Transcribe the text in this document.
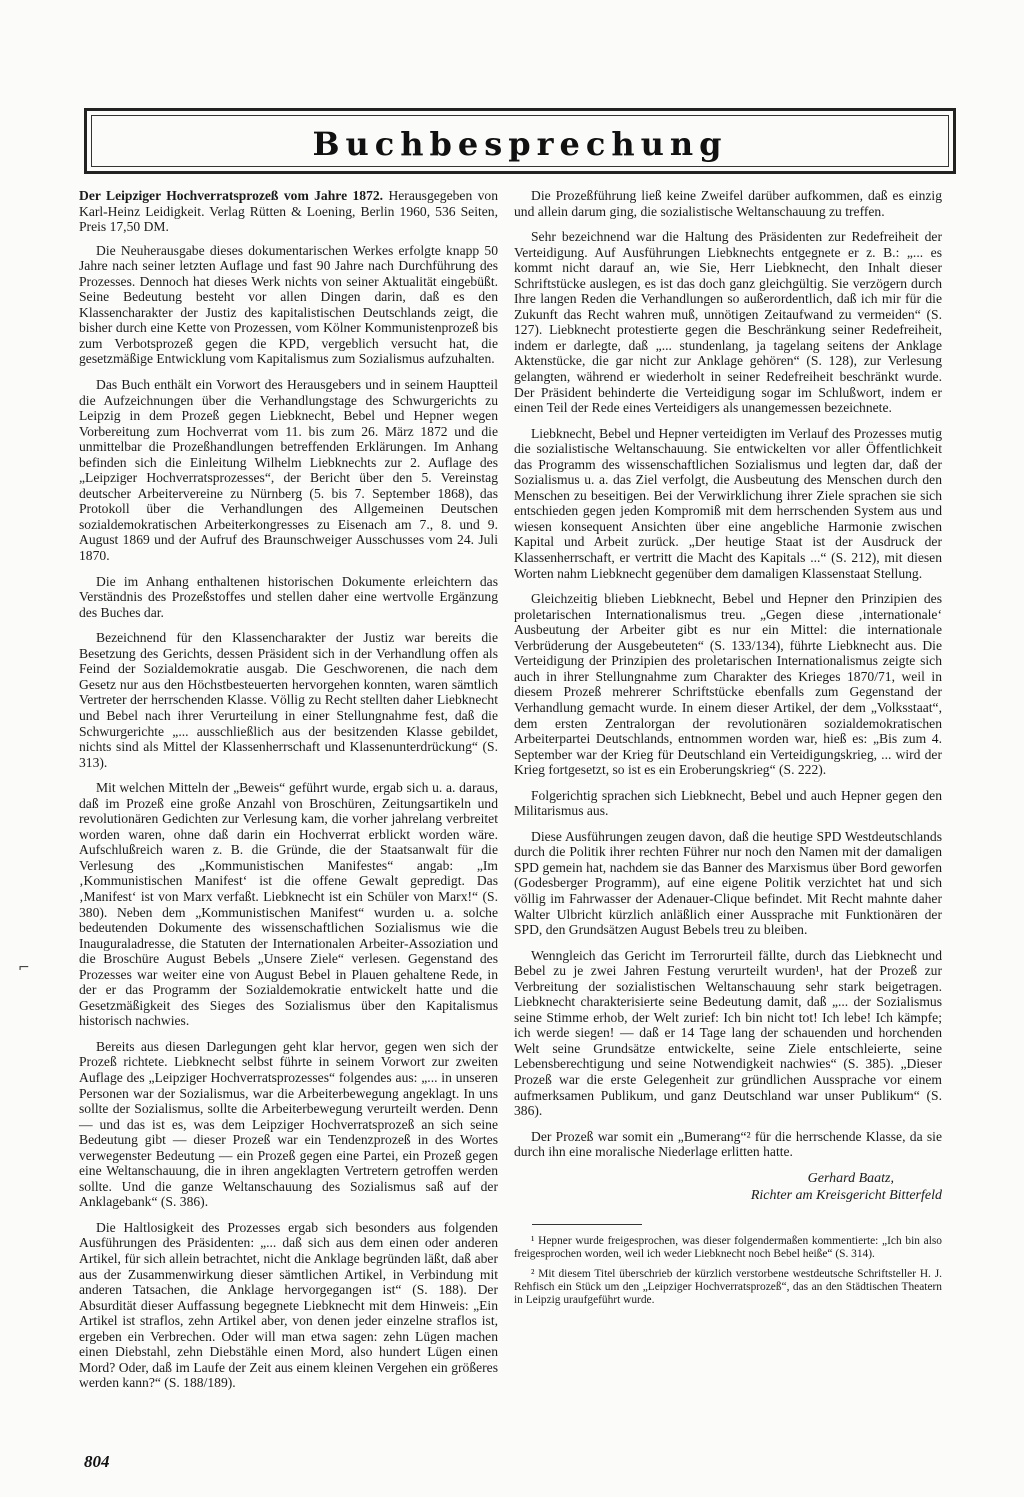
Buchbesprechung

Der Leipziger Hochverratsprozeß vom Jahre 1872. Herausgegeben von Karl-Heinz Leidigkeit. Verlag Rütten & Loening, Berlin 1960, 536 Seiten, Preis 17,50 DM.

Die Neuherausgabe dieses dokumentarischen Werkes erfolgte knapp 50 Jahre nach seiner letzten Auflage und fast 90 Jahre nach Durchführung des Prozesses. Dennoch hat dieses Werk nichts von seiner Aktualität eingebüßt. Seine Bedeutung besteht vor allen Dingen darin, daß es den Klassencharakter der Justiz des kapitalistischen Deutschlands zeigt, die bisher durch eine Kette von Prozessen, vom Kölner Kommunistenprozeß bis zum Verbotsprozeß gegen die KPD, vergeblich versucht hat, die gesetzmäßige Entwicklung vom Kapitalismus zum Sozialismus aufzuhalten.

Das Buch enthält ein Vorwort des Herausgebers und in seinem Hauptteil die Aufzeichnungen über die Verhandlungstage des Schwurgerichts zu Leipzig in dem Prozeß gegen Liebknecht, Bebel und Hepner wegen Vorbereitung zum Hochverrat vom 11. bis zum 26. März 1872 und die unmittelbar die Prozeßhandlungen betreffenden Erklärungen. Im Anhang befinden sich die Einleitung Wilhelm Liebknechts zur 2. Auflage des „Leipziger Hochverratsprozesses“, der Bericht über den 5. Vereinstag deutscher Arbeitervereine zu Nürnberg (5. bis 7. September 1868), das Protokoll über die Verhandlungen des Allgemeinen Deutschen sozialdemokratischen Arbeiterkongresses zu Eisenach am 7., 8. und 9. August 1869 und der Aufruf des Braunschweiger Ausschusses vom 24. Juli 1870.

Die im Anhang enthaltenen historischen Dokumente erleichtern das Verständnis des Prozeßstoffes und stellen daher eine wertvolle Ergänzung des Buches dar.

Bezeichnend für den Klassencharakter der Justiz war bereits die Besetzung des Gerichts, dessen Präsident sich in der Verhandlung offen als Feind der Sozialdemokratie ausgab. Die Geschworenen, die nach dem Gesetz nur aus den Höchstbesteuerten hervorgehen konnten, waren sämtlich Vertreter der herrschenden Klasse. Völlig zu Recht stellten daher Liebknecht und Bebel nach ihrer Verurteilung in einer Stellungnahme fest, daß die Schwurgerichte „... ausschließlich aus der besitzenden Klasse gebildet, nichts sind als Mittel der Klassenherrschaft und Klassenunterdrückung“ (S. 313).

Mit welchen Mitteln der „Beweis“ geführt wurde, ergab sich u. a. daraus, daß im Prozeß eine große Anzahl von Broschüren, Zeitungsartikeln und revolutionären Gedichten zur Verlesung kam, die vorher jahrelang verbreitet worden waren, ohne daß darin ein Hochverrat erblickt worden wäre. Aufschlußreich waren z. B. die Gründe, die der Staatsanwalt für die Verlesung des „Kommunistischen Manifestes“ angab: „Im ‚Kommunistischen Manifest‘ ist die offene Gewalt gepredigt. Das ‚Manifest‘ ist von Marx verfaßt. Liebknecht ist ein Schüler von Marx!“ (S. 380). Neben dem „Kommunistischen Manifest“ wurden u. a. solche bedeutenden Dokumente des wissenschaftlichen Sozialismus wie die Inauguraladresse, die Statuten der Internationalen Arbeiter-Assoziation und die Broschüre August Bebels „Unsere Ziele“ verlesen. Gegenstand des Prozesses war weiter eine von August Bebel in Plauen gehaltene Rede, in der er das Programm der Sozialdemokratie entwickelt hatte und die Gesetzmäßigkeit des Sieges des Sozialismus über den Kapitalismus historisch nachwies.

Bereits aus diesen Darlegungen geht klar hervor, gegen wen sich der Prozeß richtete. Liebknecht selbst führte in seinem Vorwort zur zweiten Auflage des „Leipziger Hochverratsprozesses“ folgendes aus: „... in unseren Personen war der Sozialismus, war die Arbeiterbewegung angeklagt. In uns sollte der Sozialismus, sollte die Arbeiterbewegung verurteilt werden. Denn — und das ist es, was dem Leipziger Hochverratsprozeß an sich seine Bedeutung gibt — dieser Prozeß war ein Tendenzprozeß in des Wortes verwegenster Bedeutung — ein Prozeß gegen eine Partei, ein Prozeß gegen eine Weltanschauung, die in ihren angeklagten Vertretern getroffen werden sollte. Und die ganze Weltanschauung des Sozialismus saß auf der Anklagebank“ (S. 386).

Die Haltlosigkeit des Prozesses ergab sich besonders aus folgenden Ausführungen des Präsidenten: „... daß sich aus dem einen oder anderen Artikel, für sich allein betrachtet, nicht die Anklage begründen läßt, daß aber aus der Zusammenwirkung dieser sämtlichen Artikel, in Verbindung mit anderen Tatsachen, die Anklage hervorgegangen ist“ (S. 188). Der Absurdität dieser Auffassung begegnete Liebknecht mit dem Hinweis: „Ein Artikel ist straflos, zehn Artikel aber, von denen jeder einzelne straflos ist, ergeben ein Verbrechen. Oder will man etwa sagen: zehn Lügen machen einen Diebstahl, zehn Diebstähle einen Mord, also hundert Lügen einen Mord? Oder, daß im Laufe der Zeit aus einem kleinen Vergehen ein größeres werden kann?“ (S. 188/189).

Die Prozeßführung ließ keine Zweifel darüber aufkommen, daß es einzig und allein darum ging, die sozialistische Weltanschauung zu treffen.

Sehr bezeichnend war die Haltung des Präsidenten zur Redefreiheit der Verteidigung. Auf Ausführungen Liebknechts entgegnete er z. B.: „... es kommt nicht darauf an, wie Sie, Herr Liebknecht, den Inhalt dieser Schriftstücke auslegen, es ist das doch ganz gleichgültig. Sie verzögern durch Ihre langen Reden die Verhandlungen so außerordentlich, daß ich mir für die Zukunft das Recht wahren muß, unnötigen Zeitaufwand zu vermeiden“ (S. 127). Liebknecht protestierte gegen die Beschränkung seiner Redefreiheit, indem er darlegte, daß „... stundenlang, ja tagelang seitens der Anklage Aktenstücke, die gar nicht zur Anklage gehören“ (S. 128), zur Verlesung gelangten, während er wiederholt in seiner Redefreiheit beschränkt wurde. Der Präsident behinderte die Verteidigung sogar im Schlußwort, indem er einen Teil der Rede eines Verteidigers als unangemessen bezeichnete.

Liebknecht, Bebel und Hepner verteidigten im Verlauf des Prozesses mutig die sozialistische Weltanschauung. Sie entwickelten vor aller Öffentlichkeit das Programm des wissenschaftlichen Sozialismus und legten dar, daß der Sozialismus u. a. das Ziel verfolgt, die Ausbeutung des Menschen durch den Menschen zu beseitigen. Bei der Verwirklichung ihrer Ziele sprachen sie sich entschieden gegen jeden Kompromiß mit dem herrschenden System aus und wiesen konsequent Ansichten über eine angebliche Harmonie zwischen Kapital und Arbeit zurück. „Der heutige Staat ist der Ausdruck der Klassenherrschaft, er vertritt die Macht des Kapitals ...“ (S. 212), mit diesen Worten nahm Liebknecht gegenüber dem damaligen Klassenstaat Stellung.

Gleichzeitig blieben Liebknecht, Bebel und Hepner den Prinzipien des proletarischen Internationalismus treu. „Gegen diese ‚internationale‘ Ausbeutung der Arbeiter gibt es nur ein Mittel: die internationale Verbrüderung der Ausgebeuteten“ (S. 133/134), führte Liebknecht aus. Die Verteidigung der Prinzipien des proletarischen Internationalismus zeigte sich auch in ihrer Stellungnahme zum Charakter des Krieges 1870/71, weil in diesem Prozeß mehrerer Schriftstücke ebenfalls zum Gegenstand der Verhandlung gemacht wurde. In einem dieser Artikel, der dem „Volksstaat“, dem ersten Zentralorgan der revolutionären sozialdemokratischen Arbeiterpartei Deutschlands, entnommen worden war, hieß es: „Bis zum 4. September war der Krieg für Deutschland ein Verteidigungskrieg, ... wird der Krieg fortgesetzt, so ist es ein Eroberungskrieg“ (S. 222).

Folgerichtig sprachen sich Liebknecht, Bebel und auch Hepner gegen den Militarismus aus.

Diese Ausführungen zeugen davon, daß die heutige SPD Westdeutschlands durch die Politik ihrer rechten Führer nur noch den Namen mit der damaligen SPD gemein hat, nachdem sie das Banner des Marxismus über Bord geworfen (Godesberger Programm), auf eine eigene Politik verzichtet hat und sich völlig im Fahrwasser der Adenauer-Clique befindet. Mit Recht mahnte daher Walter Ulbricht kürzlich anläßlich einer Aussprache mit Funktionären der SPD, den Grundsätzen August Bebels treu zu bleiben.

Wenngleich das Gericht im Terrorurteil fällte, durch das Liebknecht und Bebel zu je zwei Jahren Festung verurteilt wurden¹, hat der Prozeß zur Verbreitung der sozialistischen Weltanschauung sehr stark beigetragen. Liebknecht charakterisierte seine Bedeutung damit, daß „... der Sozialismus seine Stimme erhob, der Welt zurief: Ich bin nicht tot! Ich lebe! Ich kämpfe; ich werde siegen! — daß er 14 Tage lang der schauenden und horchenden Welt seine Grundsätze entwickelte, seine Ziele entschleierte, seine Lebensberechtigung und seine Notwendigkeit nachwies“ (S. 385). „Dieser Prozeß war die erste Gelegenheit zur gründlichen Aussprache vor einem aufmerksamen Publikum, und ganz Deutschland war unser Publikum“ (S. 386).

Der Prozeß war somit ein „Bumerang“² für die herrschende Klasse, da sie durch ihn eine moralische Niederlage erlitten hatte.

Gerhard Baatz,
Richter am Kreisgericht Bitterfeld

¹ Hepner wurde freigesprochen, was dieser folgendermaßen kommentierte: „Ich bin also freigesprochen worden, weil ich weder Liebknecht noch Bebel heiße“ (S. 314).

² Mit diesem Titel überschrieb der kürzlich verstorbene westdeutsche Schriftsteller H. J. Rehfisch ein Stück um den „Leipziger Hochverratsprozeß“, das an den Städtischen Theatern in Leipzig uraufgeführt wurde.

⌐
804
